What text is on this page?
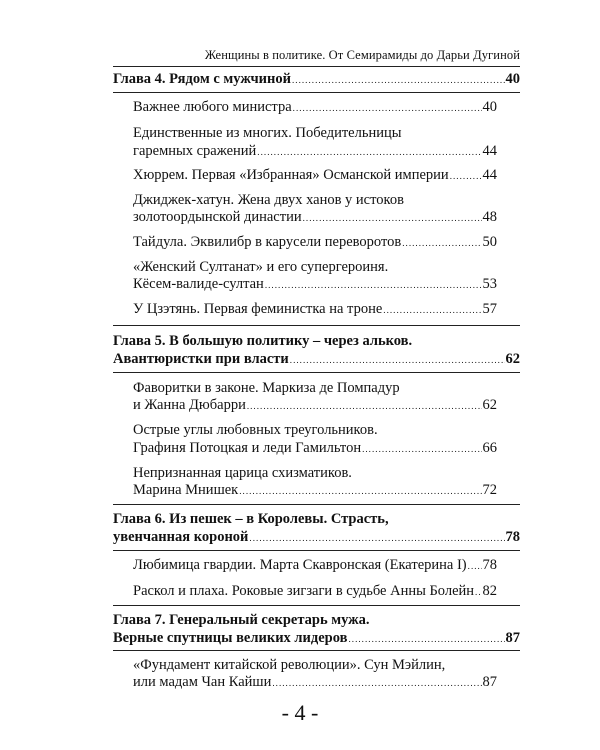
Женщины в политике. От Семирамиды до Дарьи Дугиной
Глава 4. Рядом с мужчиной . . .	40
Важнее любого министра . . .	40
Единственные из многих. Победительницы
гаремных сражений . . .	44
Хюррем. Первая «Избранная» Османской империи . . . 44
Джиджек-хатун. Жена двух ханов у истоков
золотоордынской династии . . .	48
Тайдула. Эквилибр в карусели переворотов . . .	50
«Женский Султанат» и его супергероиня.
Кёсем-валиде-султан . . .	53
У Цзэтянь. Первая феминистка на троне . . .	57
Глава 5. В большую политику – через альков.
Авантюристки при власти . . .	62
Фаворитки в законе. Маркиза де Помпадур
и Жанна Дюбарри . . .	62
Острые углы любовных треугольников.
Графиня Потоцкая и леди Гамильтон . . .	66
Непризнанная царица схизматиков.
Марина Мнишек . . .	72
Глава 6. Из пешек – в Королевы. Страсть,
увенчанная короной . . .	78
Любимица гвардии. Марта Скавронская (Екатерина I) . . . 78
Раскол и плаха. Роковые зигзаги в судьбе Анны Болейн . . . 82
Глава 7. Генеральный секретарь мужа.
Верные спутницы великих лидеров . . .	87
«Фундамент китайской революции». Сун Мэйлин,
или мадам Чан Кайши . . .	87
- 4 -
